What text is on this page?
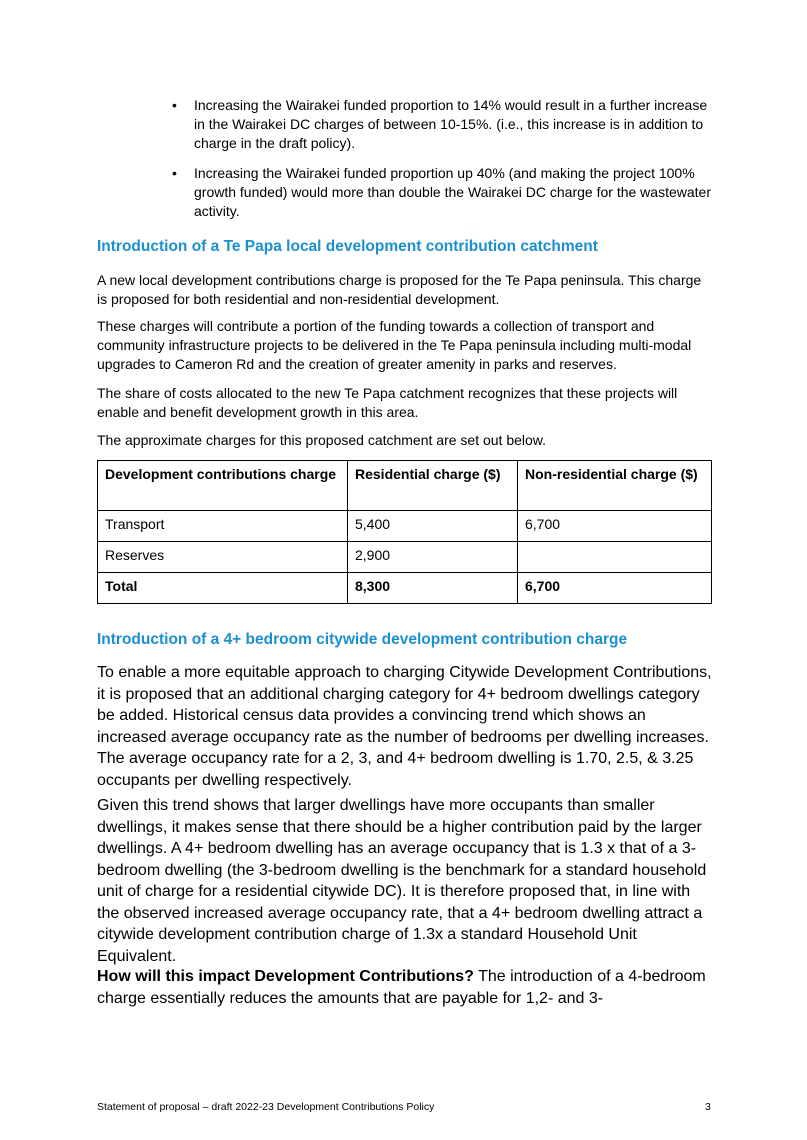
• Increasing the Wairakei funded proportion to 14% would result in a further increase in the Wairakei DC charges of between 10-15%. (i.e., this increase is in addition to charge in the draft policy).
• Increasing the Wairakei funded proportion up 40% (and making the project 100% growth funded) would more than double the Wairakei DC charge for the wastewater activity.
Introduction of a Te Papa local development contribution catchment

A new local development contributions charge is proposed for the Te Papa peninsula. This charge is proposed for both residential and non-residential development.

These charges will contribute a portion of the funding towards a collection of transport and community infrastructure projects to be delivered in the Te Papa peninsula including multi-modal upgrades to Cameron Rd and the creation of greater amenity in parks and reserves.

The share of costs allocated to the new Te Papa catchment recognizes that these projects will enable and benefit development growth in this area.

The approximate charges for this proposed catchment are set out below.

Development contributions charge	Residential charge ($)	Non-residential charge ($)
Transport	5,400	6,700
Reserves	2,900	
Total	8,300	6,700
Introduction of a 4+ bedroom citywide development contribution charge

To enable a more equitable approach to charging Citywide Development Contributions, it is proposed that an additional charging category for 4+ bedroom dwellings category be added. Historical census data provides a convincing trend which shows an increased average occupancy rate as the number of bedrooms per dwelling increases. The average occupancy rate for a 2, 3, and 4+ bedroom dwelling is 1.70, 2.5, & 3.25 occupants per dwelling respectively.

Given this trend shows that larger dwellings have more occupants than smaller dwellings, it makes sense that there should be a higher contribution paid by the larger dwellings. A 4+ bedroom dwelling has an average occupancy that is 1.3 x that of a 3-bedroom dwelling (the 3-bedroom dwelling is the benchmark for a standard household unit of charge for a residential citywide DC). It is therefore proposed that, in line with the observed increased average occupancy rate, that a 4+ bedroom dwelling attract a citywide development contribution charge of 1.3x a standard Household Unit Equivalent.

How will this impact Development Contributions? The introduction of a 4-bedroom charge essentially reduces the amounts that are payable for 1,2- and 3-

Statement of proposal – draft 2022-23 Development Contributions Policy	3
